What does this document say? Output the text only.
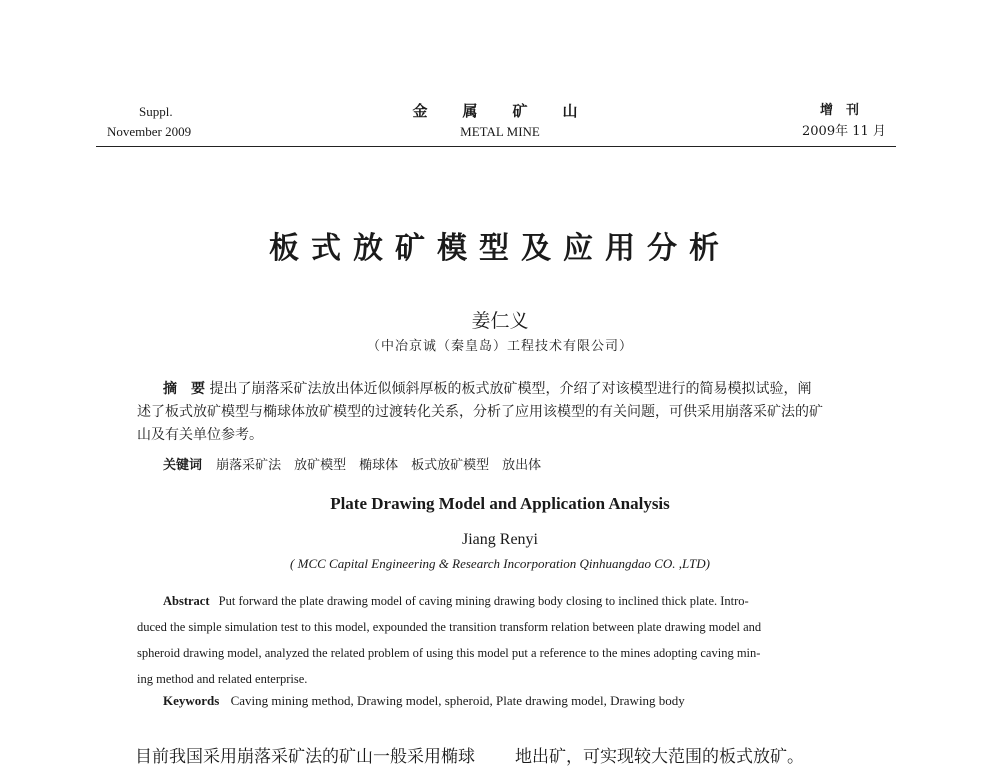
Suppl.
November 2009
金　属　矿　山
METAL MINE
增　刊
2009年 11 月
板式放矿模型及应用分析
姜仁义
（中冶京诚（秦皇岛）工程技术有限公司）
摘　要 提出了崩落采矿法放出体近似倾斜厚板的板式放矿模型，介绍了对该模型进行的简易模拟试验，阐
述了板式放矿模型与椭球体放矿模型的过渡转化关系，分析了应用该模型的有关问题，可供采用崩落采矿法的矿
山及有关单位参考。
关键词 崩落采矿法　放矿模型　椭球体　板式放矿模型　放出体
Plate Drawing Model and Application Analysis
Jiang Renyi
( MCC Capital Engineering & Research Incorporation Qinhuangdao CO. ,LTD)
Abstract Put forward the plate drawing model of caving mining drawing body closing to inclined thick plate. Intro-
duced the simple simulation test to this model, expounded the transition transform relation between plate drawing model and
spheroid drawing model, analyzed the related problem of using this model put a reference to the mines adopting caving min-
ing method and related enterprise.
Keywords Caving mining method, Drawing model, spheroid, Plate drawing model, Drawing body
目前我国采用崩落采矿法的矿山一般采用椭球 地出矿，可实现较大范围的板式放矿。
